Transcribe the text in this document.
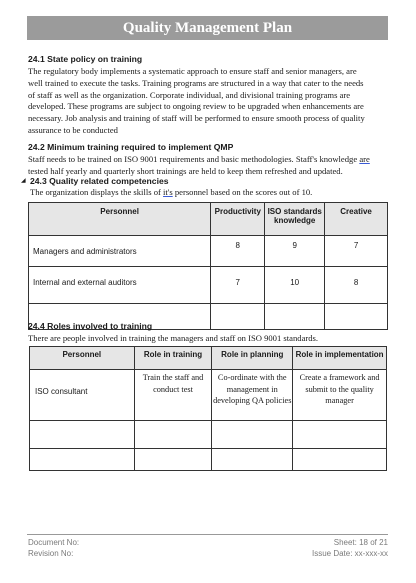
Quality Management Plan
24.1 State policy on training
The regulatory body implements a systematic approach to ensure staff and senior managers, are
well trained to execute the tasks. Training programs are structured in a way that cater to the needs
of staff as well as the organization. Corporate individual, and divisional training programs are
developed. These programs are subject to ongoing review to be upgraded when enhancements are
necessary. Job analysis and training of staff will be performed to ensure smooth process of quality
assurance to be conducted
24.2 Minimum training required to implement QMP
Staff needs to be trained on ISO 9001 requirements and basic methodologies. Staff's knowledge are
tested half yearly and quarterly short trainings are held to keep them refreshed and updated.
◢ 24.3 Quality related competencies
The organization displays the skills of it's personnel based on the scores out of 10.
Personnel	Productivity	ISO standards knowledge	Creative
Managers and administrators	8	9	7
Internal and external auditors	7	10	8

24.4 Roles involved to training
There are people involved in training the managers and staff on ISO 9001 standards.
Personnel	Role in training	Role in planning	Role in implementation
ISO consultant	Train the staff and conduct test	Co-ordinate with the management in developing QA policies	Create a framework and submit to the quality manager

Document No:
Revision No:
Sheet: 18 of 21
Issue Date: xx-xxx-xx
